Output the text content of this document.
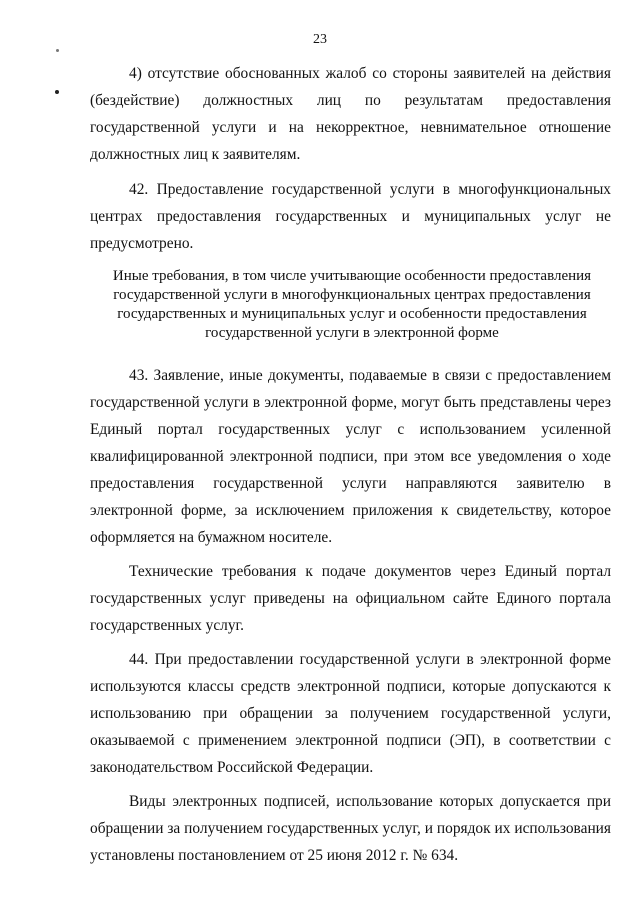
23

4) отсутствие обоснованных жалоб со стороны заявителей на действия (бездействие) должностных лиц по результатам предоставления государственной услуги и на некорректное, невнимательное отношение должностных лиц к заявителям.

42. Предоставление государственной услуги в многофункциональных центрах предоставления государственных и муниципальных услуг не предусмотрено.

Иные требования, в том числе учитывающие особенности предоставления
государственной услуги в многофункциональных центрах предоставления
государственных и муниципальных услуг и особенности предоставления
государственной услуги в электронной форме

43. Заявление, иные документы, подаваемые в связи с предоставлением государственной услуги в электронной форме, могут быть представлены через Единый портал государственных услуг с использованием усиленной квалифицированной электронной подписи, при этом все уведомления о ходе предоставления государственной услуги направляются заявителю в электронной форме, за исключением приложения к свидетельству, которое оформляется на бумажном носителе.

Технические требования к подаче документов через Единый портал государственных услуг приведены на официальном сайте Единого портала государственных услуг.

44. При предоставлении государственной услуги в электронной форме используются классы средств электронной подписи, которые допускаются к использованию при обращении за получением государственной услуги, оказываемой с применением электронной подписи (ЭП), в соответствии с законодательством Российской Федерации.

Виды электронных подписей, использование которых допускается при обращении за получением государственных услуг, и порядок их использования установлены постановлением от 25 июня 2012 г. № 634.
